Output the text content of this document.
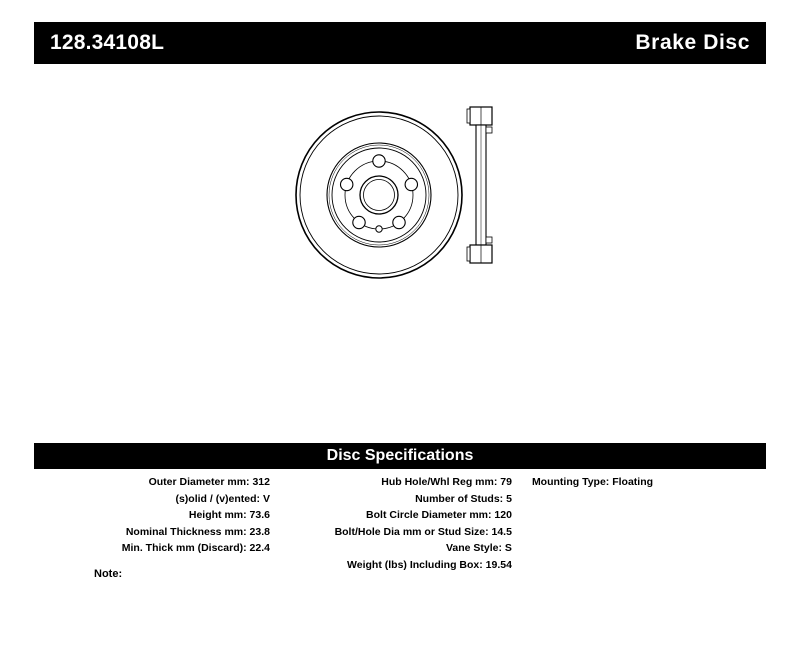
128.34108L	Brake Disc
Disc Specifications
Outer Diameter mm: 312
(s)olid / (v)ented: V
Height mm: 73.6
Nominal Thickness mm: 23.8
Min. Thick mm (Discard): 22.4
Hub Hole/Whl Reg mm: 79
Number of Studs: 5
Bolt Circle Diameter mm: 120
Bolt/Hole Dia mm or Stud Size: 14.5
Vane Style: S
Weight (lbs) Including Box: 19.54
Mounting Type: Floating
Note:
